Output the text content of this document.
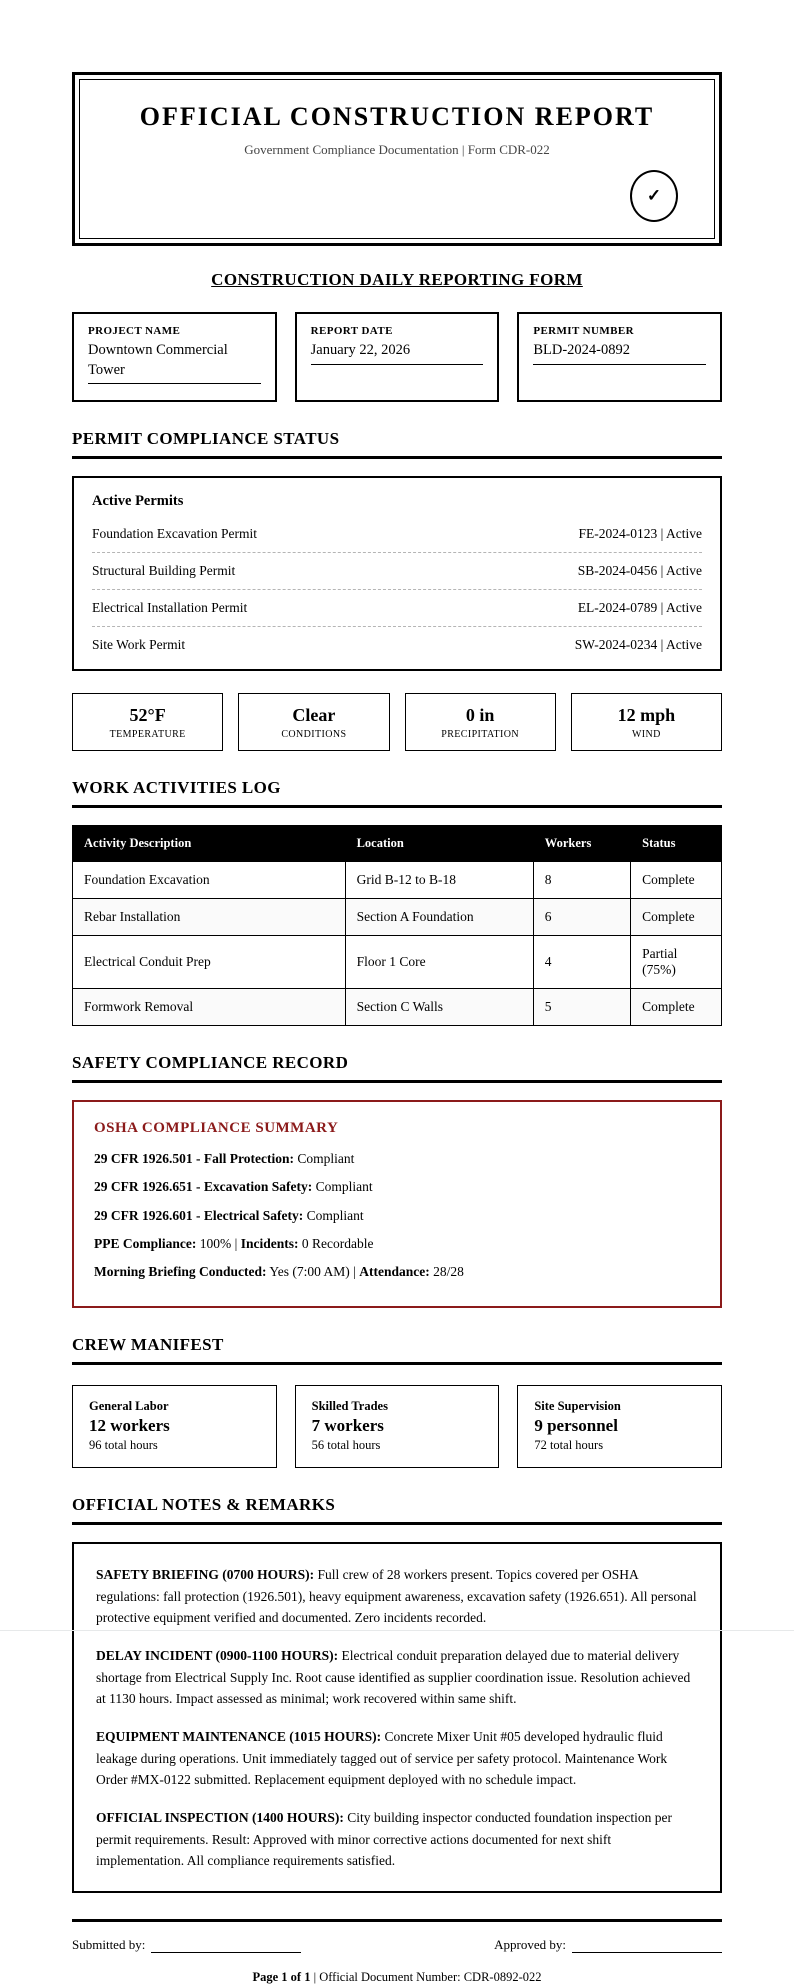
OFFICIAL CONSTRUCTION REPORT
Government Compliance Documentation | Form CDR-022
✓
CONSTRUCTION DAILY REPORTING FORM
PROJECT NAME
Downtown Commercial Tower
REPORT DATE
January 22, 2026
PERMIT NUMBER
BLD-2024-0892
PERMIT COMPLIANCE STATUS
Active Permits
Foundation Excavation Permit	FE-2024-0123 | Active
Structural Building Permit	SB-2024-0456 | Active
Electrical Installation Permit	EL-2024-0789 | Active
Site Work Permit	SW-2024-0234 | Active
52°F
TEMPERATURE
Clear
CONDITIONS
0 in
PRECIPITATION
12 mph
WIND
WORK ACTIVITIES LOG
Activity Description	Location	Workers	Status
Foundation Excavation	Grid B-12 to B-18	8	Complete
Rebar Installation	Section A Foundation	6	Complete
Electrical Conduit Prep	Floor 1 Core	4	Partial (75%)
Formwork Removal	Section C Walls	5	Complete
SAFETY COMPLIANCE RECORD
OSHA COMPLIANCE SUMMARY
29 CFR 1926.501 - Fall Protection: Compliant
29 CFR 1926.651 - Excavation Safety: Compliant
29 CFR 1926.601 - Electrical Safety: Compliant
PPE Compliance: 100% | Incidents: 0 Recordable
Morning Briefing Conducted: Yes (7:00 AM) | Attendance: 28/28
CREW MANIFEST
General Labor
12 workers
96 total hours
Skilled Trades
7 workers
56 total hours
Site Supervision
9 personnel
72 total hours
OFFICIAL NOTES & REMARKS
SAFETY BRIEFING (0700 HOURS): Full crew of 28 workers present. Topics covered per OSHA regulations: fall protection (1926.501), heavy equipment awareness, excavation safety (1926.651). All personal protective equipment verified and documented. Zero incidents recorded.
DELAY INCIDENT (0900-1100 HOURS): Electrical conduit preparation delayed due to material delivery shortage from Electrical Supply Inc. Root cause identified as supplier coordination issue. Resolution achieved at 1130 hours. Impact assessed as minimal; work recovered within same shift.
EQUIPMENT MAINTENANCE (1015 HOURS): Concrete Mixer Unit #05 developed hydraulic fluid leakage during operations. Unit immediately tagged out of service per safety protocol. Maintenance Work Order #MX-0122 submitted. Replacement equipment deployed with no schedule impact.
OFFICIAL INSPECTION (1400 HOURS): City building inspector conducted foundation inspection per permit requirements. Result: Approved with minor corrective actions documented for next shift implementation. All compliance requirements satisfied.
Submitted by:	Approved by:
Page 1 of 1 | Official Document Number: CDR-0892-022
